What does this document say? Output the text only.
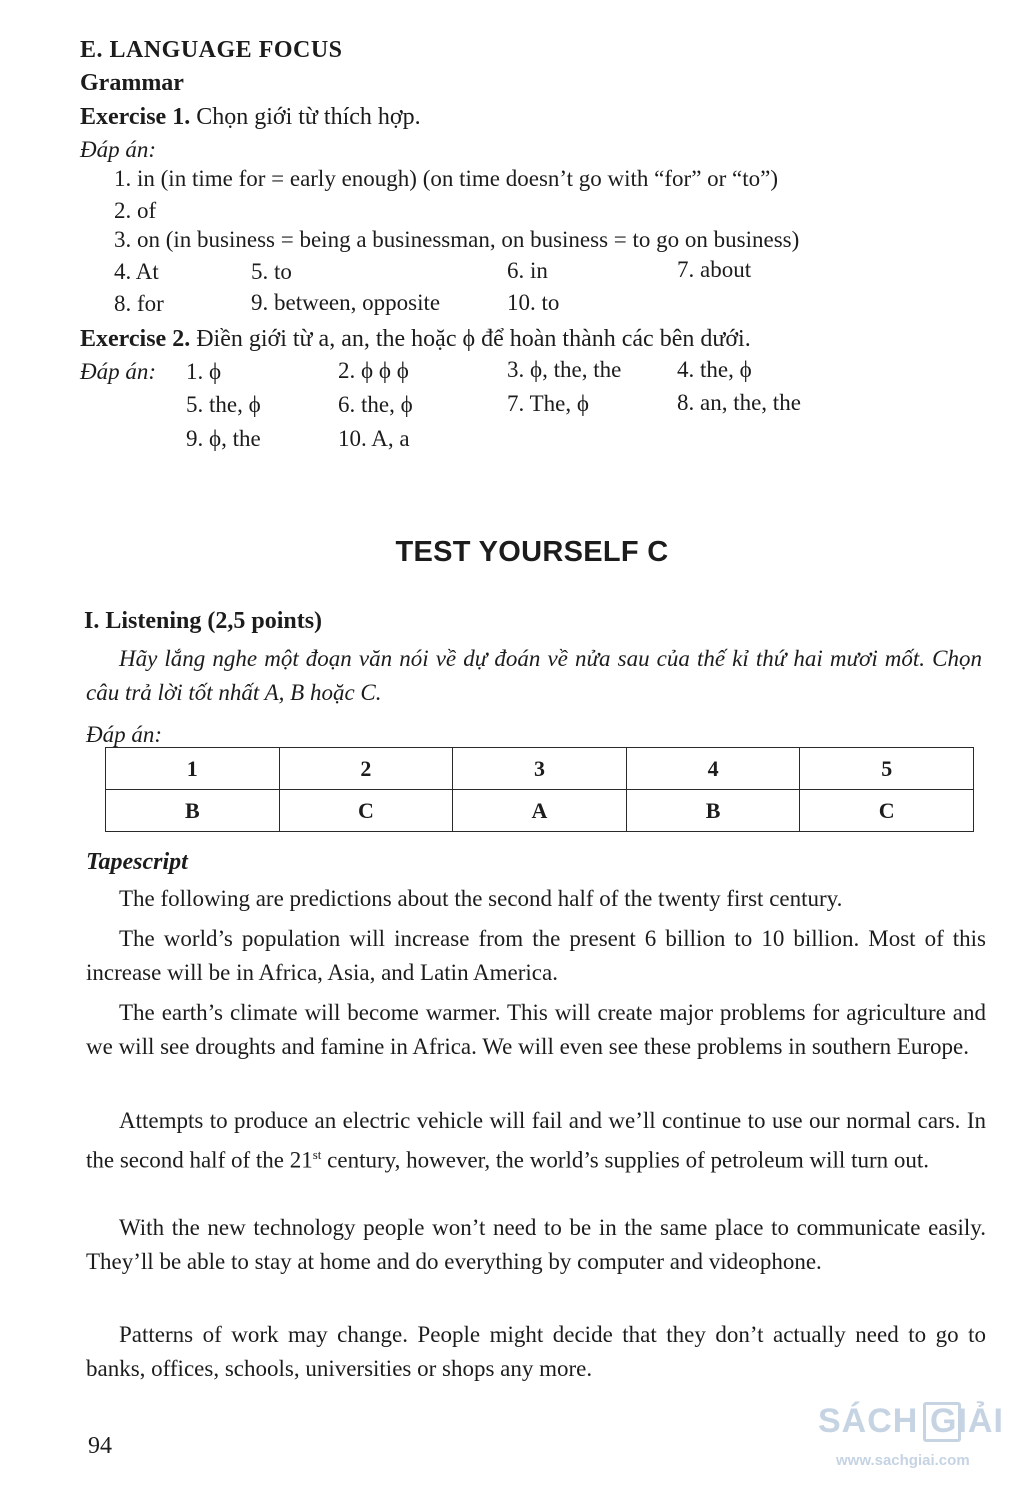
E. LANGUAGE FOCUS
Grammar
Exercise 1. Chọn giới từ thích hợp.
Đáp án:
1. in (in time for = early enough) (on time doesn’t go with “for” or “to”)
2. of
3. on (in business = being a businessman, on business = to go on business)
4. At	5. to	6. in	7. about
8. for	9. between, opposite	10. to
Exercise 2. Điền giới từ a, an, the hoặc ϕ để hoàn thành các bên dưới.
Đáp án: 1. ϕ	2. ϕ ϕ ϕ	3. ϕ, the, the 4. the, ϕ
5. the, ϕ	6. the, ϕ	7. The, ϕ	8. an, the, the
9. ϕ, the	10. A, a
TEST YOURSELF C
I. Listening (2,5 points)

Hãy lắng nghe một đoạn văn nói về dự đoán về nửa sau của thế kỉ thứ hai mươi mốt. Chọn câu trả lời tốt nhất A, B hoặc C.

Đáp án:
1	2	3	4	5
B	C	A	B	C
Tapescript

The following are predictions about the second half of the twenty first century.

The world’s population will increase from the present 6 billion to 10 billion. Most of this increase will be in Africa, Asia, and Latin America.

The earth’s climate will become warmer. This will create major problems for agriculture and we will see droughts and famine in Africa. We will even see these problems in southern Europe.

Attempts to produce an electric vehicle will fail and we’ll continue to use our normal cars. In the second half of the 21st century, however, the world’s supplies of petroleum will turn out.

With the new technology people won’t need to be in the same place to communicate easily. They’ll be able to stay at home and do everything by computer and videophone.

Patterns of work may change. People might decide that they don’t actually need to go to banks, offices, schools, universities or shops any more.

94
SÁCH GIẢI
www.sachgiai.com
